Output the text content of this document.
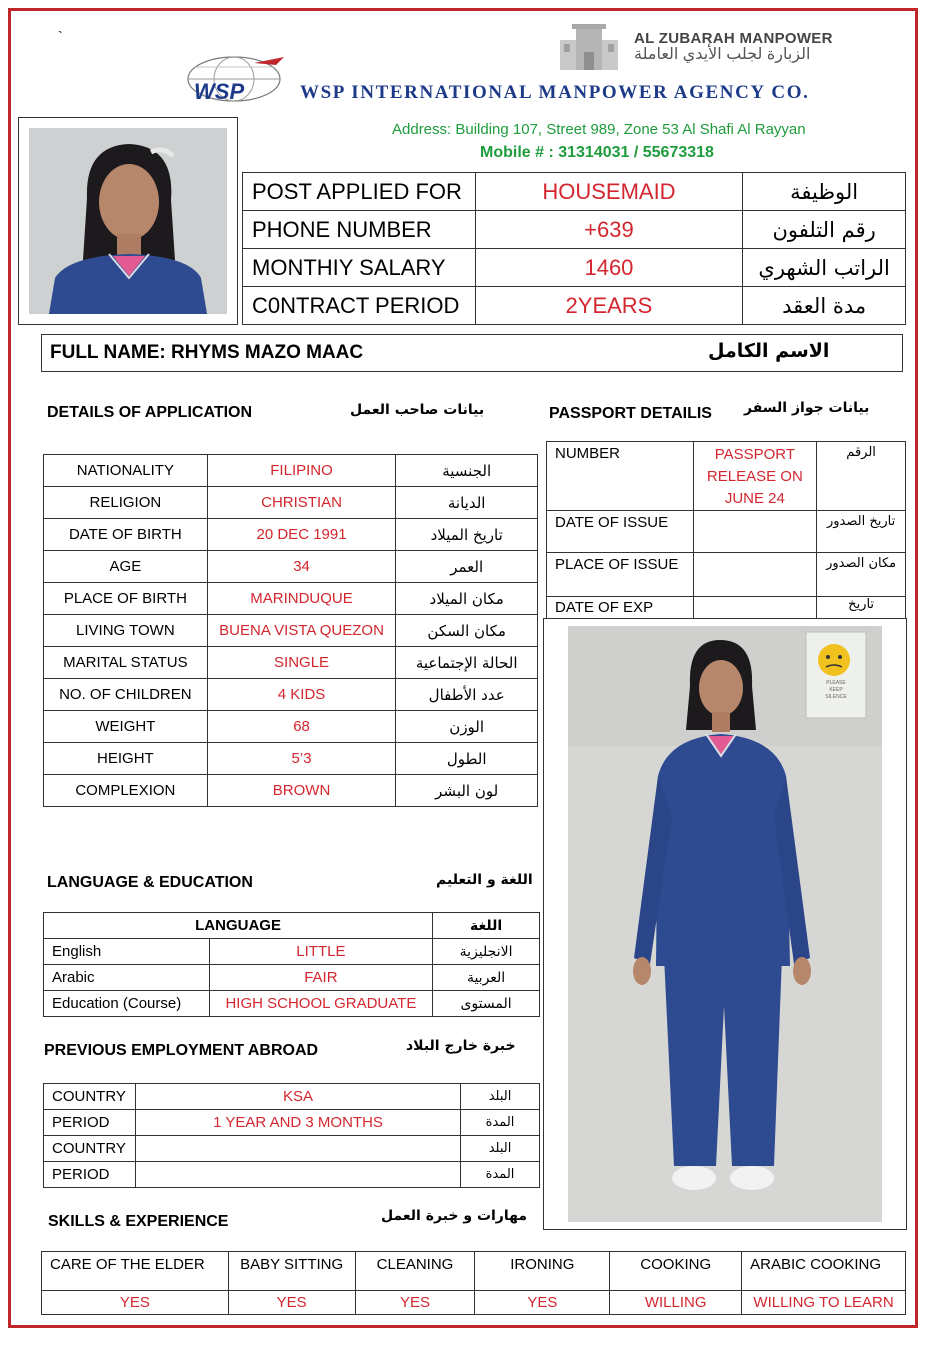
`	AL ZUBARAH MANPOWER
الزبارة لجلب الأيدي العاملة
WSP	WSP INTERNATIONAL MANPOWER AGENCY CO.
Address: Building 107, Street 989, Zone 53 Al Shafi Al Rayyan
Mobile # : 31314031 / 55673318
POST APPLIED FOR	HOUSEMAID	الوظيفة
PHONE NUMBER	+639	رقم التلفون
MONTHIY SALARY	1460	الراتب الشهري
C0NTRACT PERIOD	2YEARS	مدة العقد
FULL NAME: RHYMS MAZO MAAC	الاسم الكامل
DETAILS OF APPLICATION	بيانات صاحب العمل
NATIONALITY	FILIPINO	الجنسية
RELIGION	CHRISTIAN	الديانة
DATE OF BIRTH	20 DEC 1991	تاريخ الميلاد
AGE	34	العمر
PLACE OF BIRTH	MARINDUQUE	مكان الميلاد
LIVING TOWN	BUENA VISTA QUEZON	مكان السكن
MARITAL STATUS	SINGLE	الحالة الإجتماعية
NO. OF CHILDREN	4 KIDS	عدد الأطفال
WEIGHT	68	الوزن
HEIGHT	5’3	الطول
COMPLEXION	BROWN	لون البشر
PASSPORT DETAILIS بيانات جواز السفر
NUMBER	PASSPORT RELEASE ON JUNE 24	الرقم
DATE OF ISSUE		تاريخ الصدور
PLACE OF ISSUE		مكان الصدور
DATE OF EXP		تاريخ
PLEASE
KEEP
SILENCE
LANGUAGE & EDUCATION	اللغة و التعليم
LANGUAGE		اللغة
English	LITTLE	الانجليزية
Arabic	FAIR	العربية
Education (Course)	HIGH SCHOOL GRADUATE	المستوى
PREVIOUS EMPLOYMENT ABROAD	خبرة خارج البلاد
COUNTRY	KSA	البلد
PERIOD	1 YEAR AND 3 MONTHS	المدة
COUNTRY		البلد
PERIOD		المدة
SKILLS & EXPERIENCE	مهارات و خبرة العمل
CARE OF THE ELDER	BABY SITTING	CLEANING	IRONING	COOKING	ARABIC COOKING
YES	YES	YES	YES	WILLING	WILLING TO LEARN
